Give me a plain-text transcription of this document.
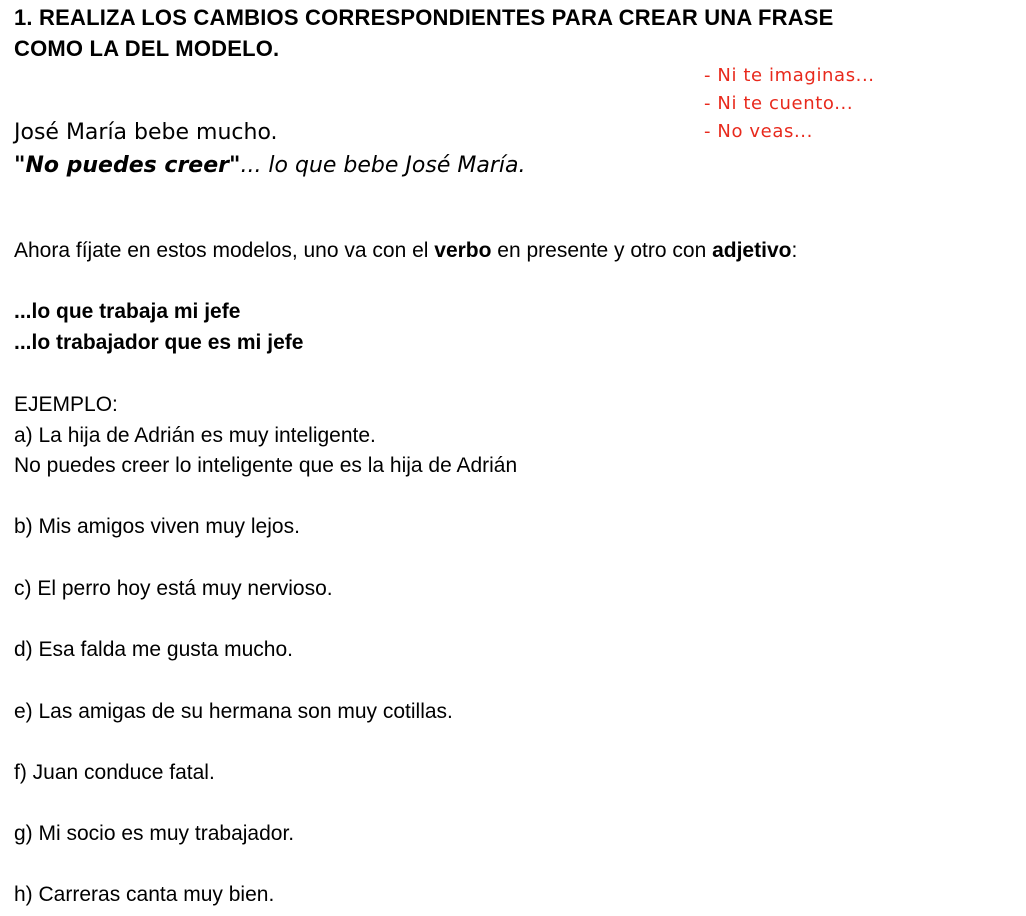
1. REALIZA LOS CAMBIOS CORRESPONDIENTES PARA CREAR UNA FRASE
COMO LA DEL MODELO.
- Ni te imaginas...
- Ni te cuento...
- No veas...
José María bebe mucho.
"No puedes creer"... lo que bebe José María.
Ahora fíjate en estos modelos, uno va con el verbo en presente y otro con adjetivo:
...lo que trabaja mi jefe
...lo trabajador que es mi jefe
EJEMPLO:
a) La hija de Adrián es muy inteligente.
No puedes creer lo inteligente que es la hija de Adrián
b) Mis amigos viven muy lejos.
c) El perro hoy está muy nervioso.
d) Esa falda me gusta mucho.
e) Las amigas de su hermana son muy cotillas.
f) Juan conduce fatal.
g) Mi socio es muy trabajador.
h) Carreras canta muy bien.
